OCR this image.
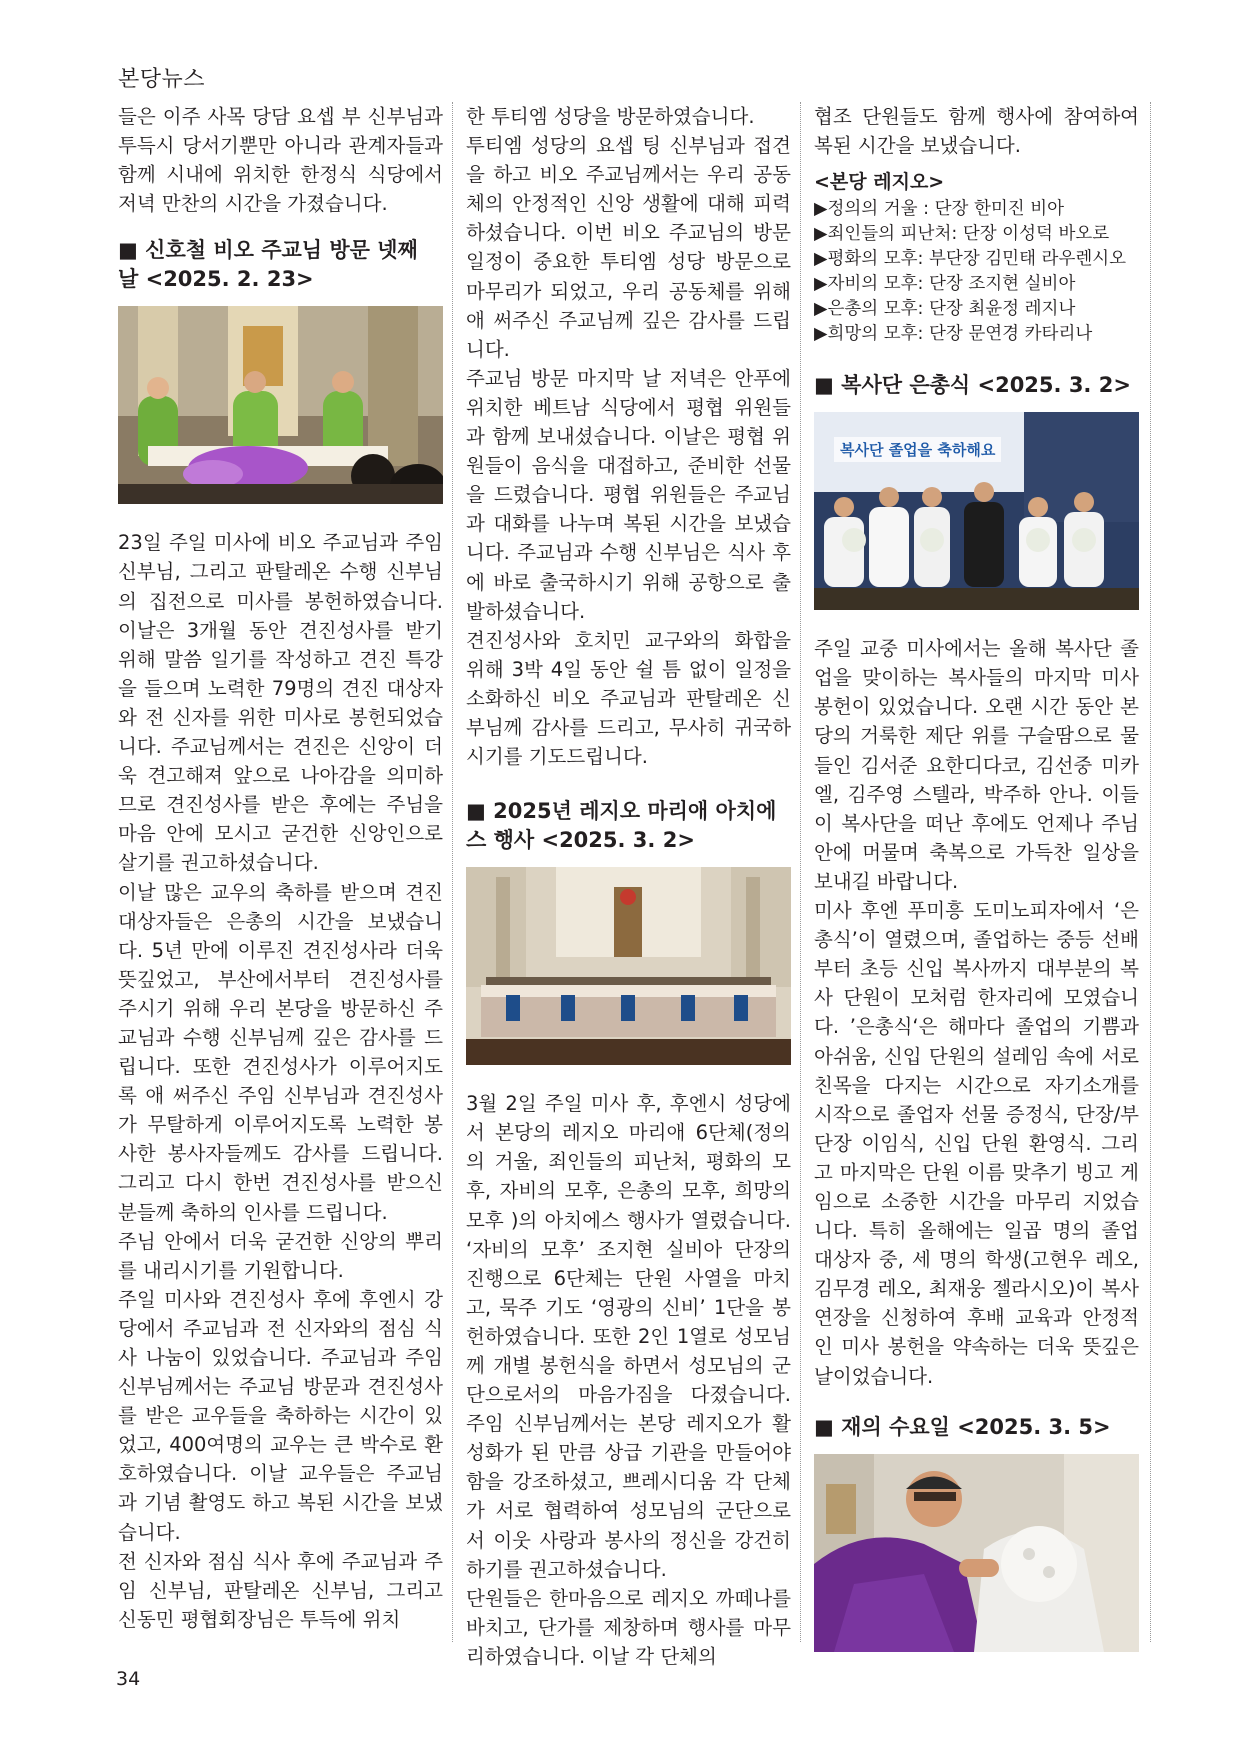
본당뉴스

들은 이주 사목 당담 요셉 부 신부님과 투득시 당서기뿐만 아니라 관계자들과 함께 시내에 위치한 한정식 식당에서 저녁 만찬의 시간을 가졌습니다.

■ 신호철 비오 주교님 방문 넷째 날 <2025. 2. 23>

23일 주일 미사에 비오 주교님과 주임 신부님, 그리고 판탈레온 수행 신부님의 집전으로 미사를 봉헌하였습니다. 이날은 3개월 동안 견진성사를 받기 위해 말씀 일기를 작성하고 견진 특강을 들으며 노력한 79명의 견진 대상자와 전 신자를 위한 미사로 봉헌되었습니다. 주교님께서는 견진은 신앙이 더욱 견고해져 앞으로 나아감을 의미하므로 견진성사를 받은 후에는 주님을 마음 안에 모시고 굳건한 신앙인으로 살기를 권고하셨습니다.

이날 많은 교우의 축하를 받으며 견진 대상자들은 은총의 시간을 보냈습니다. 5년 만에 이루진 견진성사라 더욱 뜻깊었고, 부산에서부터 견진성사를 주시기 위해 우리 본당을 방문하신 주교님과 수행 신부님께 깊은 감사를 드립니다. 또한 견진성사가 이루어지도록 애 써주신 주임 신부님과 견진성사가 무탈하게 이루어지도록 노력한 봉사한 봉사자들께도 감사를 드립니다. 그리고 다시 한번 견진성사를 받으신 분들께 축하의 인사를 드립니다.

주님 안에서 더욱 굳건한 신앙의 뿌리를 내리시기를 기원합니다.

주일 미사와 견진성사 후에 후엔시 강당에서 주교님과 전 신자와의 점심 식사 나눔이 있었습니다. 주교님과 주임 신부님께서는 주교님 방문과 견진성사를 받은 교우들을 축하하는 시간이 있었고, 400여명의 교우는 큰 박수로 환호하였습니다. 이날 교우들은 주교님과 기념 촬영도 하고 복된 시간을 보냈습니다.

전 신자와 점심 식사 후에 주교님과 주임 신부님, 판탈레온 신부님, 그리고 신동민 평협회장님은 투득에 위치

한 투티엠 성당을 방문하였습니다.

투티엠 성당의 요셉 팅 신부님과 접견을 하고 비오 주교님께서는 우리 공동체의 안정적인 신앙 생활에 대해 피력하셨습니다. 이번 비오 주교님의 방문 일정이 중요한 투티엠 성당 방문으로 마무리가 되었고, 우리 공동체를 위해 애 써주신 주교님께 깊은 감사를 드립니다.

주교님 방문 마지막 날 저녁은 안푸에 위치한 베트남 식당에서 평협 위원들과 함께 보내셨습니다. 이날은 평협 위원들이 음식을 대접하고, 준비한 선물을 드렸습니다. 평협 위원들은 주교님과 대화를 나누며 복된 시간을 보냈습니다. 주교님과 수행 신부님은 식사 후에 바로 출국하시기 위해 공항으로 출발하셨습니다.

견진성사와 호치민 교구와의 화합을 위해 3박 4일 동안 쉴 틈 없이 일정을 소화하신 비오 주교님과 판탈레온 신부님께 감사를 드리고, 무사히 귀국하시기를 기도드립니다.

■ 2025년 레지오 마리애 아치에스 행사 <2025. 3. 2>

3월 2일 주일 미사 후, 후엔시 성당에서 본당의 레지오 마리애 6단체(정의의 거울, 죄인들의 피난처, 평화의 모후, 자비의 모후, 은총의 모후, 희망의 모후 )의 아치에스 행사가 열렸습니다. ‘자비의 모후’ 조지현 실비아 단장의 진행으로 6단체는 단원 사열을 마치고, 묵주 기도 ‘영광의 신비’ 1단을 봉헌하였습니다. 또한 2인 1열로 성모님께 개별 봉헌식을 하면서 성모님의 군단으로서의 마음가짐을 다졌습니다. 주임 신부님께서는 본당 레지오가 활성화가 된 만큼 상급 기관을 만들어야 함을 강조하셨고, 쁘레시디움 각 단체가 서로 협력하여 성모님의 군단으로서 이웃 사랑과 봉사의 정신을 강건히 하기를 권고하셨습니다.

단원들은 한마음으로 레지오 까떼나를 바치고, 단가를 제창하며 행사를 마무리하였습니다. 이날 각 단체의

협조 단원들도 함께 행사에 참여하여 복된 시간을 보냈습니다.

<본당 레지오>
▶정의의 거울 : 단장 한미진 비아
▶죄인들의 피난처: 단장 이성덕 바오로
▶평화의 모후: 부단장 김민태 라우렌시오
▶자비의 모후: 단장 조지현 실비아
▶은총의 모후: 단장 최윤정 레지나
▶희망의 모후: 단장 문연경 카타리나
■ 복사단 은총식 <2025. 3. 2>
복사단 졸업을 축하해요

주일 교중 미사에서는 올해 복사단 졸업을 맞이하는 복사들의 마지막 미사 봉헌이 있었습니다. 오랜 시간 동안 본당의 거룩한 제단 위를 구슬땀으로 물들인 김서준 요한디다코, 김선중 미카엘, 김주영 스텔라, 박주하 안나. 이들이 복사단을 떠난 후에도 언제나 주님 안에 머물며 축복으로 가득찬 일상을 보내길 바랍니다.

미사 후엔 푸미흥 도미노피자에서 ‘은총식’이 열렸으며, 졸업하는 중등 선배부터 초등 신입 복사까지 대부분의 복사 단원이 모처럼 한자리에 모였습니다. ’은총식‘은 해마다 졸업의 기쁨과 아쉬움, 신입 단원의 설레임 속에 서로 친목을 다지는 시간으로 자기소개를 시작으로 졸업자 선물 증정식, 단장/부단장 이임식, 신입 단원 환영식. 그리고 마지막은 단원 이름 맞추기 빙고 게임으로 소중한 시간을 마무리 지었습니다. 특히 올해에는 일곱 명의 졸업 대상자 중, 세 명의 학생(고현우 레오, 김무경 레오, 최재웅 젤라시오)이 복사 연장을 신청하여 후배 교육과 안정적인 미사 봉헌을 약속하는 더욱 뜻깊은 날이었습니다.

■ 재의 수요일 <2025. 3. 5>
34
